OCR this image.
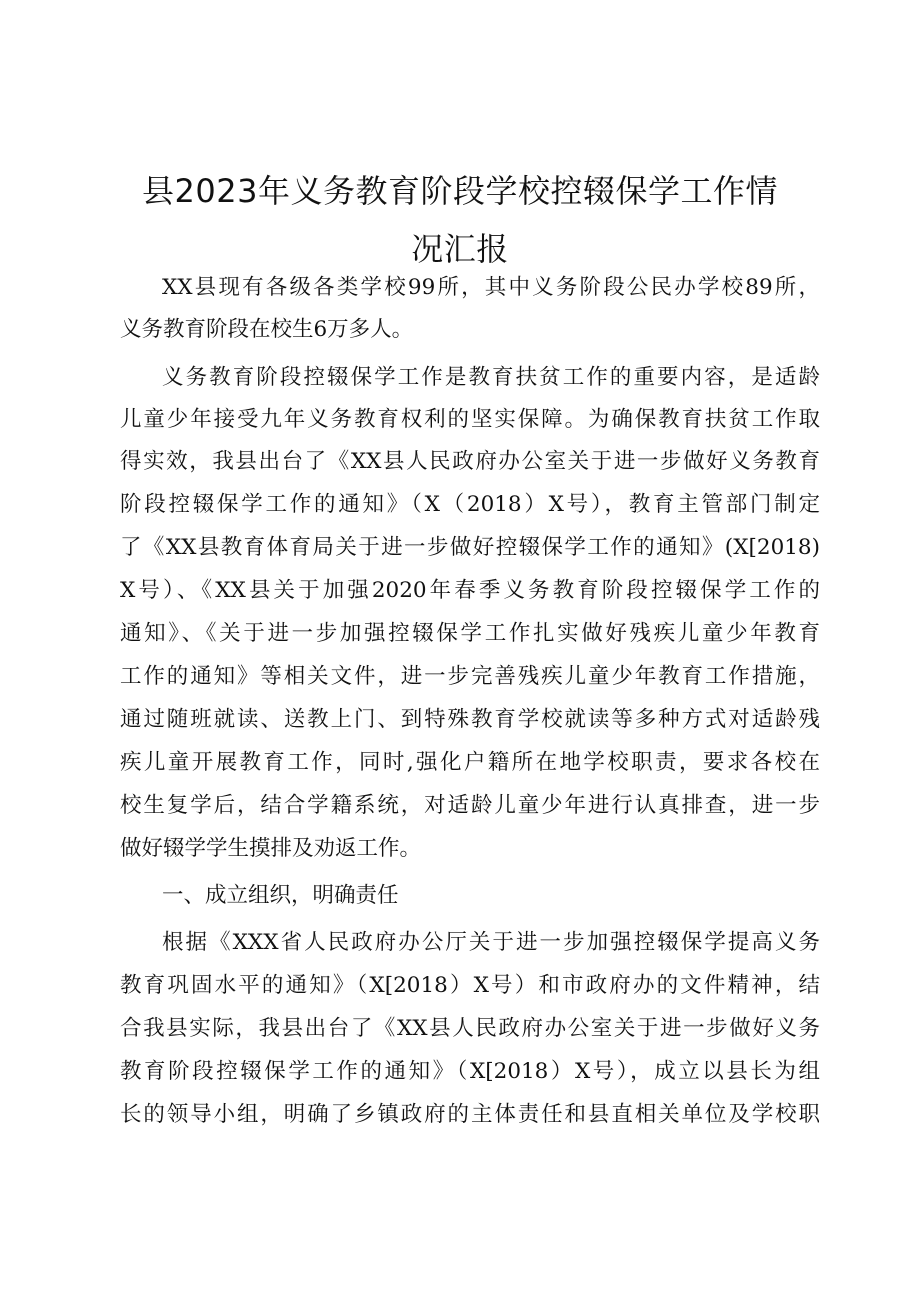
县2023年义务教育阶段学校控辍保学工作情
况汇报
XX县现有各级各类学校99所，其中义务阶段公民办学校89所，
义务教育阶段在校生6万多人。
义务教育阶段控辍保学工作是教育扶贫工作的重要内容，是适龄
儿童少年接受九年义务教育权利的坚实保障。为确保教育扶贫工作取
得实效，我县出台了《XX县人民政府办公室关于进一步做好义务教育
阶段控辍保学工作的通知》（X（2018）X号），教育主管部门制定
了《XX县教育体育局关于进一步做好控辍保学工作的通知》(X[2018)
X号）、《XX县关于加强2020年春季义务教育阶段控辍保学工作的
通知》、《关于进一步加强控辍保学工作扎实做好残疾儿童少年教育
工作的通知》等相关文件，进一步完善残疾儿童少年教育工作措施，
通过随班就读、送教上门、到特殊教育学校就读等多种方式对适龄残
疾儿童开展教育工作，同时,强化户籍所在地学校职责，要求各校在
校生复学后，结合学籍系统，对适龄儿童少年进行认真排查，进一步
做好辍学学生摸排及劝返工作。
一、成立组织，明确责任
根据《XXX省人民政府办公厅关于进一步加强控辍保学提高义务
教育巩固水平的通知》（X[2018）X号）和市政府办的文件精神，结
合我县实际，我县出台了《XX县人民政府办公室关于进一步做好义务
教育阶段控辍保学工作的通知》（X[2018）X号），成立以县长为组
长的领导小组，明确了乡镇政府的主体责任和县直相关单位及学校职
